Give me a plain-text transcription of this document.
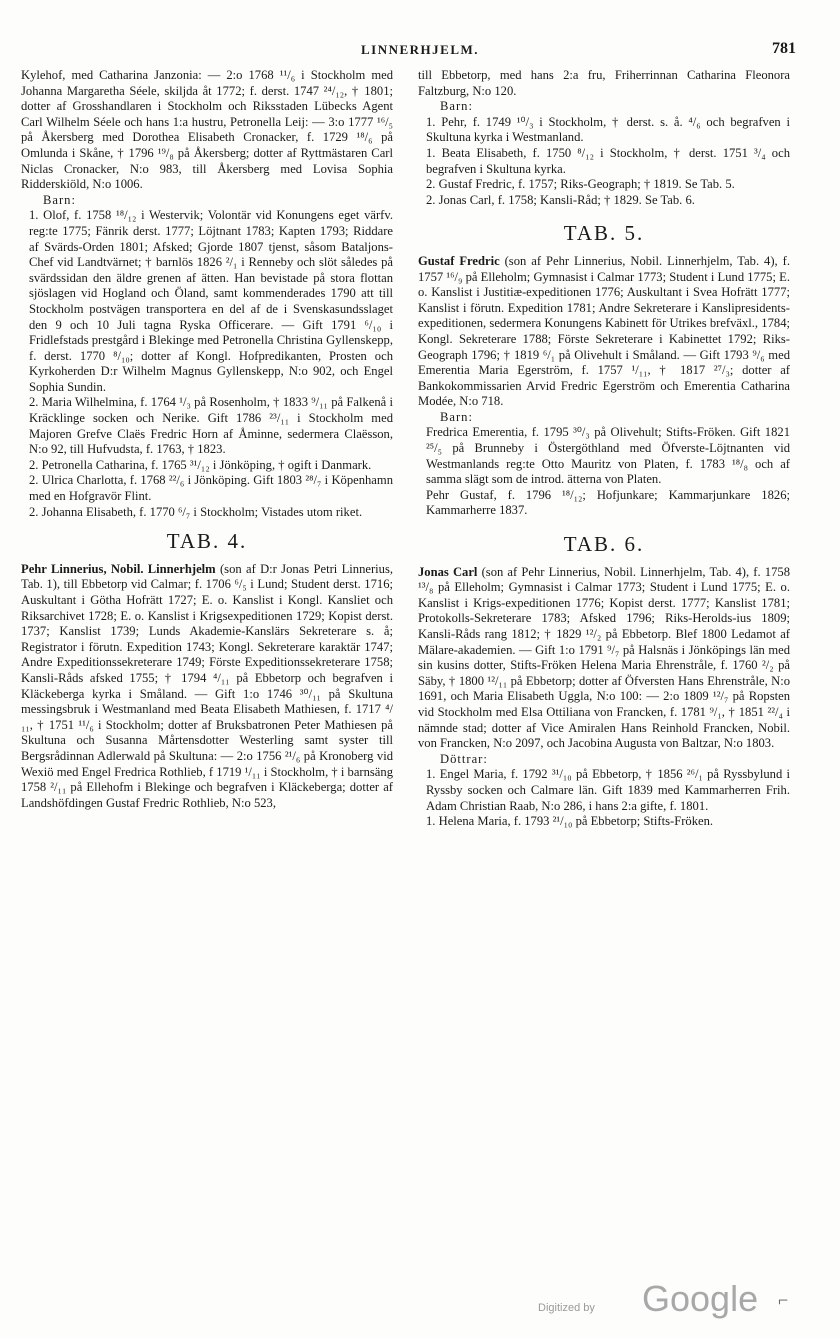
LINNERHJELM.	781

Kylehof, med Catharina Janzonia: — 2:o 1768 ¹¹/₆ i Stockholm med Johanna Margaretha Séele, skiljda åt 1772; f. derst. 1747 ²⁴/₁₂, † 1801; dotter af Grosshandlaren i Stockholm och Riksstaden Lübecks Agent Carl Wilhelm Séele och hans 1:a hustru, Petronella Leij: — 3:o 1777 ¹⁶/₅ på Åkersberg med Dorothea Elisabeth Cronacker, f. 1729 ¹⁸/₆ på Omlunda i Skåne, † 1796 ¹⁹/₈ på Åkersberg; dotter af Ryttmästaren Carl Niclas Cronacker, N:o 983, till Åkersberg med Lovisa Sophia Ridderskiöld, N:o 1006.

Barn:

1. Olof, f. 1758 ¹⁸/₁₂ i Westervik; Volontär vid Konungens eget värfv. reg:te 1775; Fänrik derst. 1777; Löjtnant 1783; Kapten 1793; Riddare af Svärds-Orden 1801; Afsked; Gjorde 1807 tjenst, såsom Bataljons-Chef vid Landtvärnet; † barnlös 1826 ²/₁ i Renneby och slöt således på svärdssidan den äldre grenen af ätten. Han bevistade på stora flottan sjöslagen vid Hogland och Öland, samt kommenderades 1790 att till Stockholm postvägen transportera en del af de i Svenskasundsslaget den 9 och 10 Juli tagna Ryska Officerare. — Gift 1791 ⁶/₁₀ i Fridlefstads prestgård i Blekinge med Petronella Christina Gyllenskepp, f. derst. 1770 ⁸/₁₀; dotter af Kongl. Hofpredikanten, Prosten och Kyrkoherden D:r Wilhelm Magnus Gyllenskepp, N:o 902, och Engel Sophia Sundin.

2. Maria Wilhelmina, f. 1764 ¹/₃ på Rosenholm, † 1833 ⁹/₁₁ på Falkenå i Kräcklinge socken och Nerike. Gift 1786 ²³/₁₁ i Stockholm med Majoren Grefve Claës Fredric Horn af Åminne, sedermera Claësson, N:o 92, till Hufvudsta, f. 1763, † 1823.

2. Petronella Catharina, f. 1765 ³¹/₁₂ i Jönköping, † ogift i Danmark.

2. Ulrica Charlotta, f. 1768 ²²/₆ i Jönköping. Gift 1803 ²⁸/₇ i Köpenhamn med en Hofgravör Flint.

2. Johanna Elisabeth, f. 1770 ⁶/₇ i Stockholm; Vistades utom riket.

TAB. 4.

Pehr Linnerius, Nobil. Linnerhjelm (son af D:r Jonas Petri Linnerius, Tab. 1), till Ebbetorp vid Calmar; f. 1706 ⁶/₅ i Lund; Student derst. 1716; Auskultant i Götha Hofrätt 1727; E. o. Kanslist i Kongl. Kansliet och Riksarchivet 1728; E. o. Kanslist i Krigsexpeditionen 1729; Kopist derst. 1737; Kanslist 1739; Lunds Akademie-Kanslärs Sekreterare s. å; Registrator i förutn. Expedition 1743; Kongl. Sekreterare karaktär 1747; Andre Expeditionssekreterare 1749; Förste Expeditionssekreterare 1758; Kansli-Råds afsked 1755; † 1794 ⁴/₁₁ på Ebbetorp och begrafven i Kläckeberga kyrka i Småland. — Gift 1:o 1746 ³⁰/₁₁ på Skultuna messingsbruk i Westmanland med Beata Elisabeth Mathiesen, f. 1717 ⁴/₁₁, † 1751 ¹¹/₆ i Stockholm; dotter af Bruksbatronen Peter Mathiesen på Skultuna och Susanna Mårtensdotter Westerling samt syster till Bergsrådinnan Adlerwald på Skultuna: — 2:o 1756 ²¹/₆ på Kronoberg vid Wexiö med Engel Fredrica Rothlieb, f 1719 ¹/₁₁ i Stockholm, † i barnsäng 1758 ²/₁₁ på Ellehofm i Blekinge och begrafven i Kläckeberga; dotter af Landshöfdingen Gustaf Fredric Rothlieb, N:o 523,

till Ebbetorp, med hans 2:a fru, Friherrinnan Catharina Fleonora Faltzburg, N:o 120.

Barn:

1. Pehr, f. 1749 ¹⁰/₃ i Stockholm, † derst. s. å. ⁴/₆ och begrafven i Skultuna kyrka i Westmanland.

1. Beata Elisabeth, f. 1750 ⁸/₁₂ i Stockholm, † derst. 1751 ³/₄ och begrafven i Skultuna kyrka.

2. Gustaf Fredric, f. 1757; Riks-Geograph; † 1819. Se Tab. 5.

2. Jonas Carl, f. 1758; Kansli-Råd; † 1829. Se Tab. 6.

TAB. 5.

Gustaf Fredric (son af Pehr Linnerius, Nobil. Linnerhjelm, Tab. 4), f. 1757 ¹⁶/₉ på Elleholm; Gymnasist i Calmar 1773; Student i Lund 1775; E. o. Kanslist i Justitiæ-expeditionen 1776; Auskultant i Svea Hofrätt 1777; Kanslist i förutn. Expedition 1781; Andre Sekreterare i Kanslipresidents-expeditionen, sedermera Konungens Kabinett för Utrikes brefväxl., 1784; Kongl. Sekreterare 1788; Förste Sekreterare i Kabinettet 1792; Riks-Geograph 1796; † 1819 ⁶/₁ på Olivehult i Småland. — Gift 1793 ⁹/₆ med Emerentia Maria Egerström, f. 1757 ¹/₁₁, † 1817 ²⁷/₃; dotter af Bankokommissarien Arvid Fredric Egerström och Emerentia Catharina Modée, N:o 718.

Barn:

Fredrica Emerentia, f. 1795 ³⁰/₃ på Olivehult; Stifts-Fröken. Gift 1821 ²⁵/₅ på Brunneby i Östergöthland med Öfverste-Löjtnanten vid Westmanlands reg:te Otto Mauritz von Platen, f. 1783 ¹⁸/₈ och af samma slägt som de introd. ätterna von Platen.

Pehr Gustaf, f. 1796 ¹⁸/₁₂; Hofjunkare; Kammarjunkare 1826; Kammarherre 1837.

TAB. 6.

Jonas Carl (son af Pehr Linnerius, Nobil. Linnerhjelm, Tab. 4), f. 1758 ¹³/₈ på Elleholm; Gymnasist i Calmar 1773; Student i Lund 1775; E. o. Kanslist i Krigs-expeditionen 1776; Kopist derst. 1777; Kanslist 1781; Protokolls-Sekreterare 1783; Afsked 1796; Riks-Herolds-ius 1809; Kansli-Råds rang 1812; † 1829 ¹²/₂ på Ebbetorp. Blef 1800 Ledamot af Mälare-akademien. — Gift 1:o 1791 ⁹/₇ på Halsnäs i Jönköpings län med sin kusins dotter, Stifts-Fröken Helena Maria Ehrenstråle, f. 1760 ²/₂ på Säby, † 1800 ¹²/₁₁ på Ebbetorp; dotter af Öfversten Hans Ehrenstråle, N:o 1691, och Maria Elisabeth Uggla, N:o 100: — 2:o 1809 ¹²/₇ på Ropsten vid Stockholm med Elsa Ottiliana von Francken, f. 1781 ⁹/₁, † 1851 ²²/₄ i nämnde stad; dotter af Vice Amiralen Hans Reinhold Francken, Nobil. von Francken, N:o 2097, och Jacobina Augusta von Baltzar, N:o 1803.

Döttrar:

1. Engel Maria, f. 1792 ³¹/₁₀ på Ebbetorp, † 1856 ²⁶/₁ på Ryssbylund i Ryssby socken och Calmare län. Gift 1839 med Kammarherren Frih. Adam Christian Raab, N:o 286, i hans 2:a gifte, f. 1801.

1. Helena Maria, f. 1793 ²¹/₁₀ på Ebbetorp; Stifts-Fröken.

Digitized by Google ⌐
